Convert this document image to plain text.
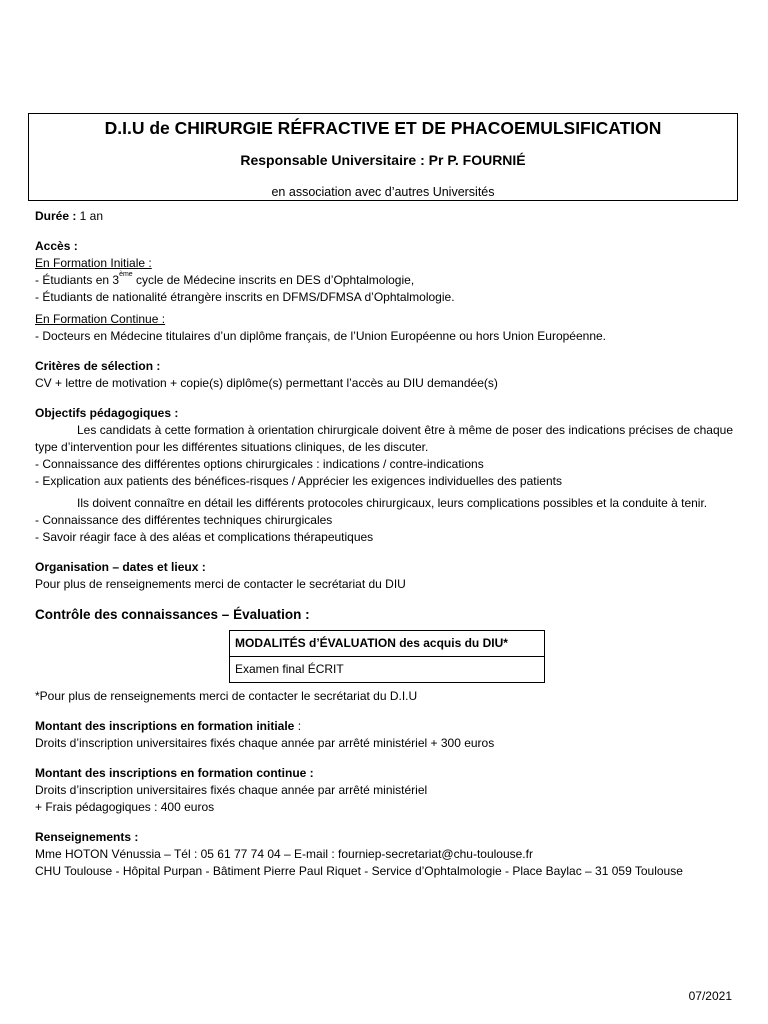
D.I.U de CHIRURGIE RÉFRACTIVE ET DE PHACOEMULSIFICATION
Responsable Universitaire : Pr P. FOURNIÉ
en association avec d’autres Universités

Durée : 1 an

Accès :

En Formation Initiale :

- Étudiants en 3ème cycle de Médecine inscrits en DES d’Ophtalmologie,

- Étudiants de nationalité étrangère inscrits en DFMS/DFMSA d’Ophtalmologie.

En Formation Continue :

- Docteurs en Médecine titulaires d’un diplôme français, de l’Union Européenne ou hors Union Européenne.

Critères de sélection :

CV + lettre de motivation + copie(s) diplôme(s) permettant l’accès au DIU demandée(s)

Objectifs pédagogiques :

Les candidats à cette formation à orientation chirurgicale doivent être à même de poser des indications précises de chaque type d’intervention pour les différentes situations cliniques, de les discuter.

- Connaissance des différentes options chirurgicales : indications / contre-indications

- Explication aux patients des bénéfices-risques / Apprécier les exigences individuelles des patients

Ils doivent connaître en détail les différents protocoles chirurgicaux, leurs complications possibles et la conduite à tenir.

- Connaissance des différentes techniques chirurgicales

- Savoir réagir face à des aléas et complications thérapeutiques

Organisation – dates et lieux :

Pour plus de renseignements merci de contacter le secrétariat du DIU

Contrôle des connaissances – Évaluation :

MODALITÉS d’ÉVALUATION des acquis du DIU*
Examen final ÉCRIT

*Pour plus de renseignements merci de contacter le secrétariat du D.I.U

Montant des inscriptions en formation initiale :

Droits d’inscription universitaires fixés chaque année par arrêté ministériel + 300 euros

Montant des inscriptions en formation continue :

Droits d’inscription universitaires fixés chaque année par arrêté ministériel

+ Frais pédagogiques : 400 euros

Renseignements :

Mme HOTON Vénussia – Tél : 05 61 77 74 04 – E-mail : fourniep-secretariat@chu-toulouse.fr

CHU Toulouse - Hôpital Purpan - Bâtiment Pierre Paul Riquet - Service d’Ophtalmologie - Place Baylac – 31 059 Toulouse

07/2021
